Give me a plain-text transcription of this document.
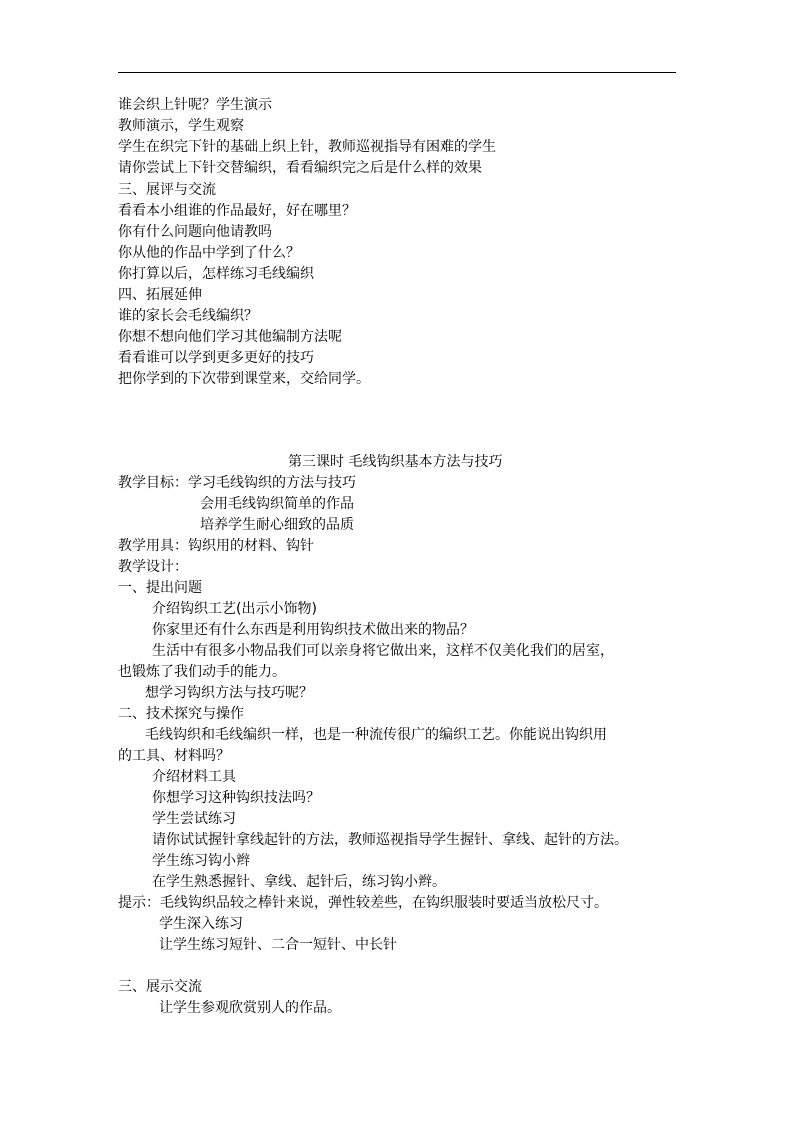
谁会织上针呢？学生演示
教师演示，学生观察
学生在织完下针的基础上织上针，教师巡视指导有困难的学生
请你尝试上下针交替编织，看看编织完之后是什么样的效果
三、展评与交流
看看本小组谁的作品最好，好在哪里？
你有什么问题向他请教吗
你从他的作品中学到了什么？
你打算以后，怎样练习毛线编织
四、拓展延伸
谁的家长会毛线编织？
你想不想向他们学习其他编制方法呢
看看谁可以学到更多更好的技巧
把你学到的下次带到课堂来，交给同学。
第三课时 毛线钩织基本方法与技巧
教学目标：学习毛线钩织的方法与技巧
会用毛线钩织简单的作品
培养学生耐心细致的品质
教学用具：钩织用的材料、钩针
教学设计：
一、提出问题
介绍钩织工艺(出示小饰物)
你家里还有什么东西是利用钩织技术做出来的物品？
生活中有很多小物品我们可以亲身将它做出来，这样不仅美化我们的居室，
也锻炼了我们动手的能力。
想学习钩织方法与技巧呢？
二、技术探究与操作
毛线钩织和毛线编织一样，也是一种流传很广的编织工艺。你能说出钩织用
的工具、材料吗？
介绍材料工具
你想学习这种钩织技法吗？
学生尝试练习
请你试试握针拿线起针的方法，教师巡视指导学生握针、拿线、起针的方法。
学生练习钩小辫
在学生熟悉握针、拿线、起针后，练习钩小辫。
提示：毛线钩织品较之棒针来说，弹性较差些，在钩织服装时要适当放松尺寸。
学生深入练习
让学生练习短针、二合一短针、中长针
三、展示交流
让学生参观欣赏别人的作品。
